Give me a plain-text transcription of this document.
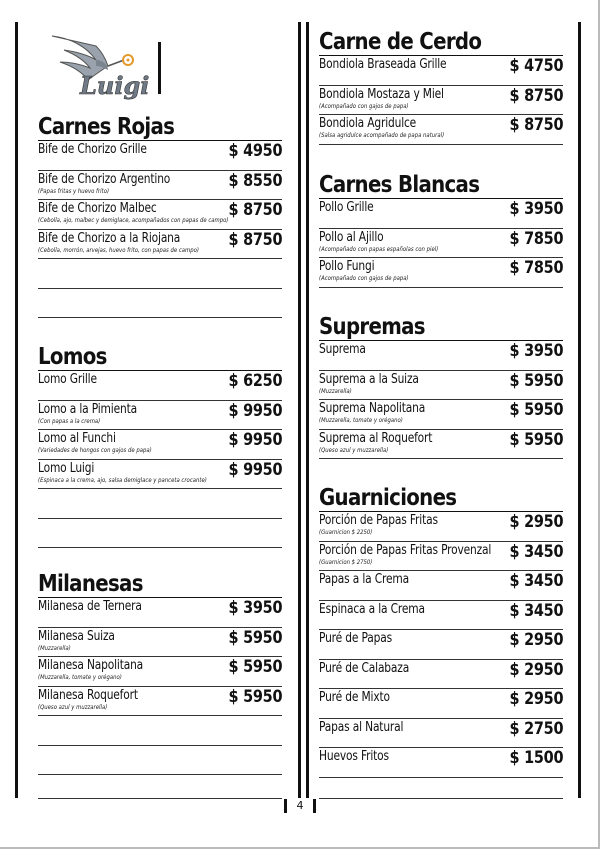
Luigi
Carnes Rojas
Bife de Chorizo Grille	$ 4950
Bife de Chorizo Argentino
(Papas fritas y huevo frito)	$ 8550
Bife de Chorizo Malbec
(Cebolla, ajo, malbec y demiglace, acompañados con papas de campo) $ 8750
Bife de Chorizo a la Riojana
(Cebolla, morrón, arvejas, huevo frito, con papas de campo) $ 8750
Lomos
Lomo Grille	$ 6250
Lomo a la Pimienta
(Con papas a la crema)	$ 9950
Lomo al Funchi
(Variedades de hongos con gajos de papa)	$ 9950
Lomo Luigi
(Espinaca a la crema, ajo, salsa demiglace y panceta crocante) $ 9950
Milanesas
Milanesa de Ternera	$ 3950
Milanesa Suiza
(Muzzarella)	$ 5950
Milanesa Napolitana
(Muzzarella, tomate y orégano)	$ 5950
Milanesa Roquefort
(Queso azul y muzzarella)	$ 5950
Carne de Cerdo
Bondiola Braseada Grille	$ 4750
Bondiola Mostaza y Miel
(Acompañado con gajos de papa)	$ 8750
Bondiola Agridulce
(Salsa agridulce acompañado de papa natural)	$ 8750
Carnes Blancas
Pollo Grille	$ 3950
Pollo al Ajillo
(Acompañado con papas españolas con piel)	$ 7850
Pollo Fungi
(Acompañado con gajos de papa)	$ 7850
Supremas
Suprema	$ 3950
Suprema a la Suiza
(Muzzarella)	$ 5950
Suprema Napolitana
(Muzzarella, tomate y orégano)	$ 5950
Suprema al Roquefort
(Queso azul y muzzarella)	$ 5950
Guarniciones
Porción de Papas Fritas
(Guarnicion $ 2250)	$ 2950
Porción de Papas Fritas Provenzal
(Guarnicion $ 2750)	$ 3450
Papas a la Crema	$ 3450
Espinaca a la Crema	$ 3450
Puré de Papas	$ 2950
Puré de Calabaza	$ 2950
Puré de Mixto	$ 2950
Papas al Natural	$ 2750
Huevos Fritos	$ 1500
4
